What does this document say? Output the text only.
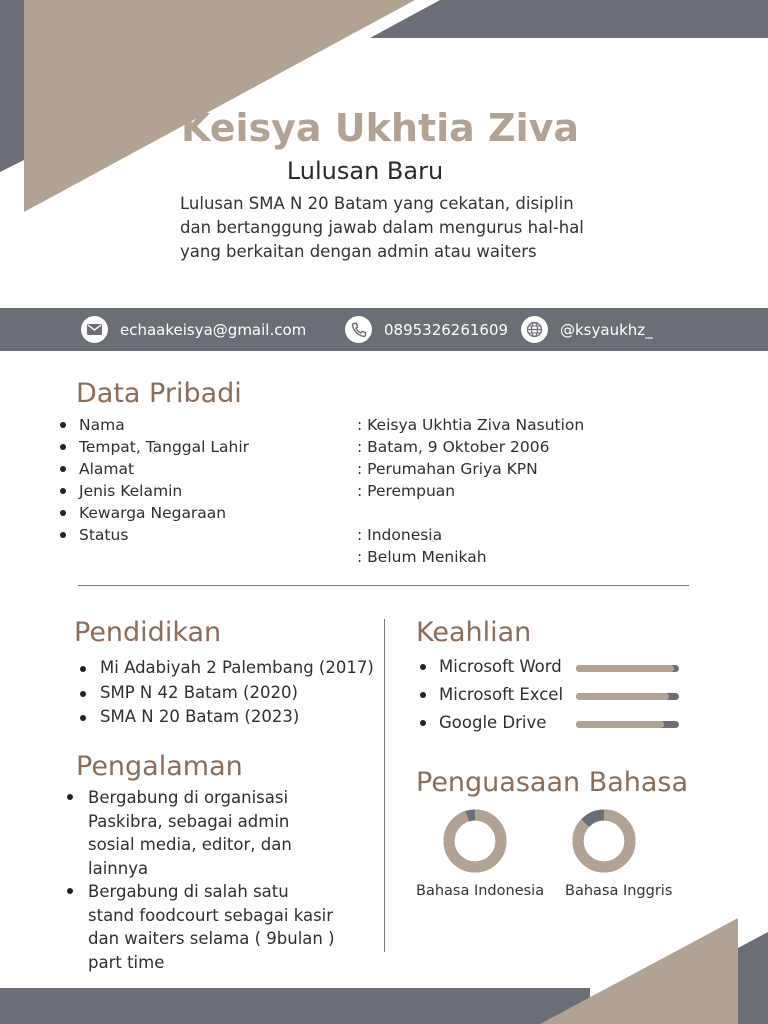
Keisya Ukhtia Ziva
Lulusan Baru

Lulusan SMA N 20 Batam yang cekatan, disiplin dan bertanggung jawab dalam mengurus hal-hal yang berkaitan dengan admin atau waiters

echaakeisya@gmail.com	0895326261609	@ksyaukhz_
Data Pribadi
Nama
Tempat, Tanggal Lahir
Alamat
Jenis Kelamin
Kewarga Negaraan
Status
: Keisya Ukhtia Ziva Nasution
: Batam, 9 Oktober 2006
: Perumahan Griya KPN
: Perempuan
: Indonesia
: Belum Menikah
Pendidikan
Mi Adabiyah 2 Palembang (2017)
SMP N 42 Batam (2020)
SMA N 20 Batam (2023)
Pengalaman
Bergabung di organisasi Paskibra, sebagai admin sosial media, editor, dan lainnya
Bergabung di salah satu stand foodcourt sebagai kasir dan waiters selama ( 9bulan ) part time
Keahlian
Microsoft Word
Microsoft Excel
Google Drive
Penguasaan Bahasa
Bahasa Indonesia Bahasa Inggris
